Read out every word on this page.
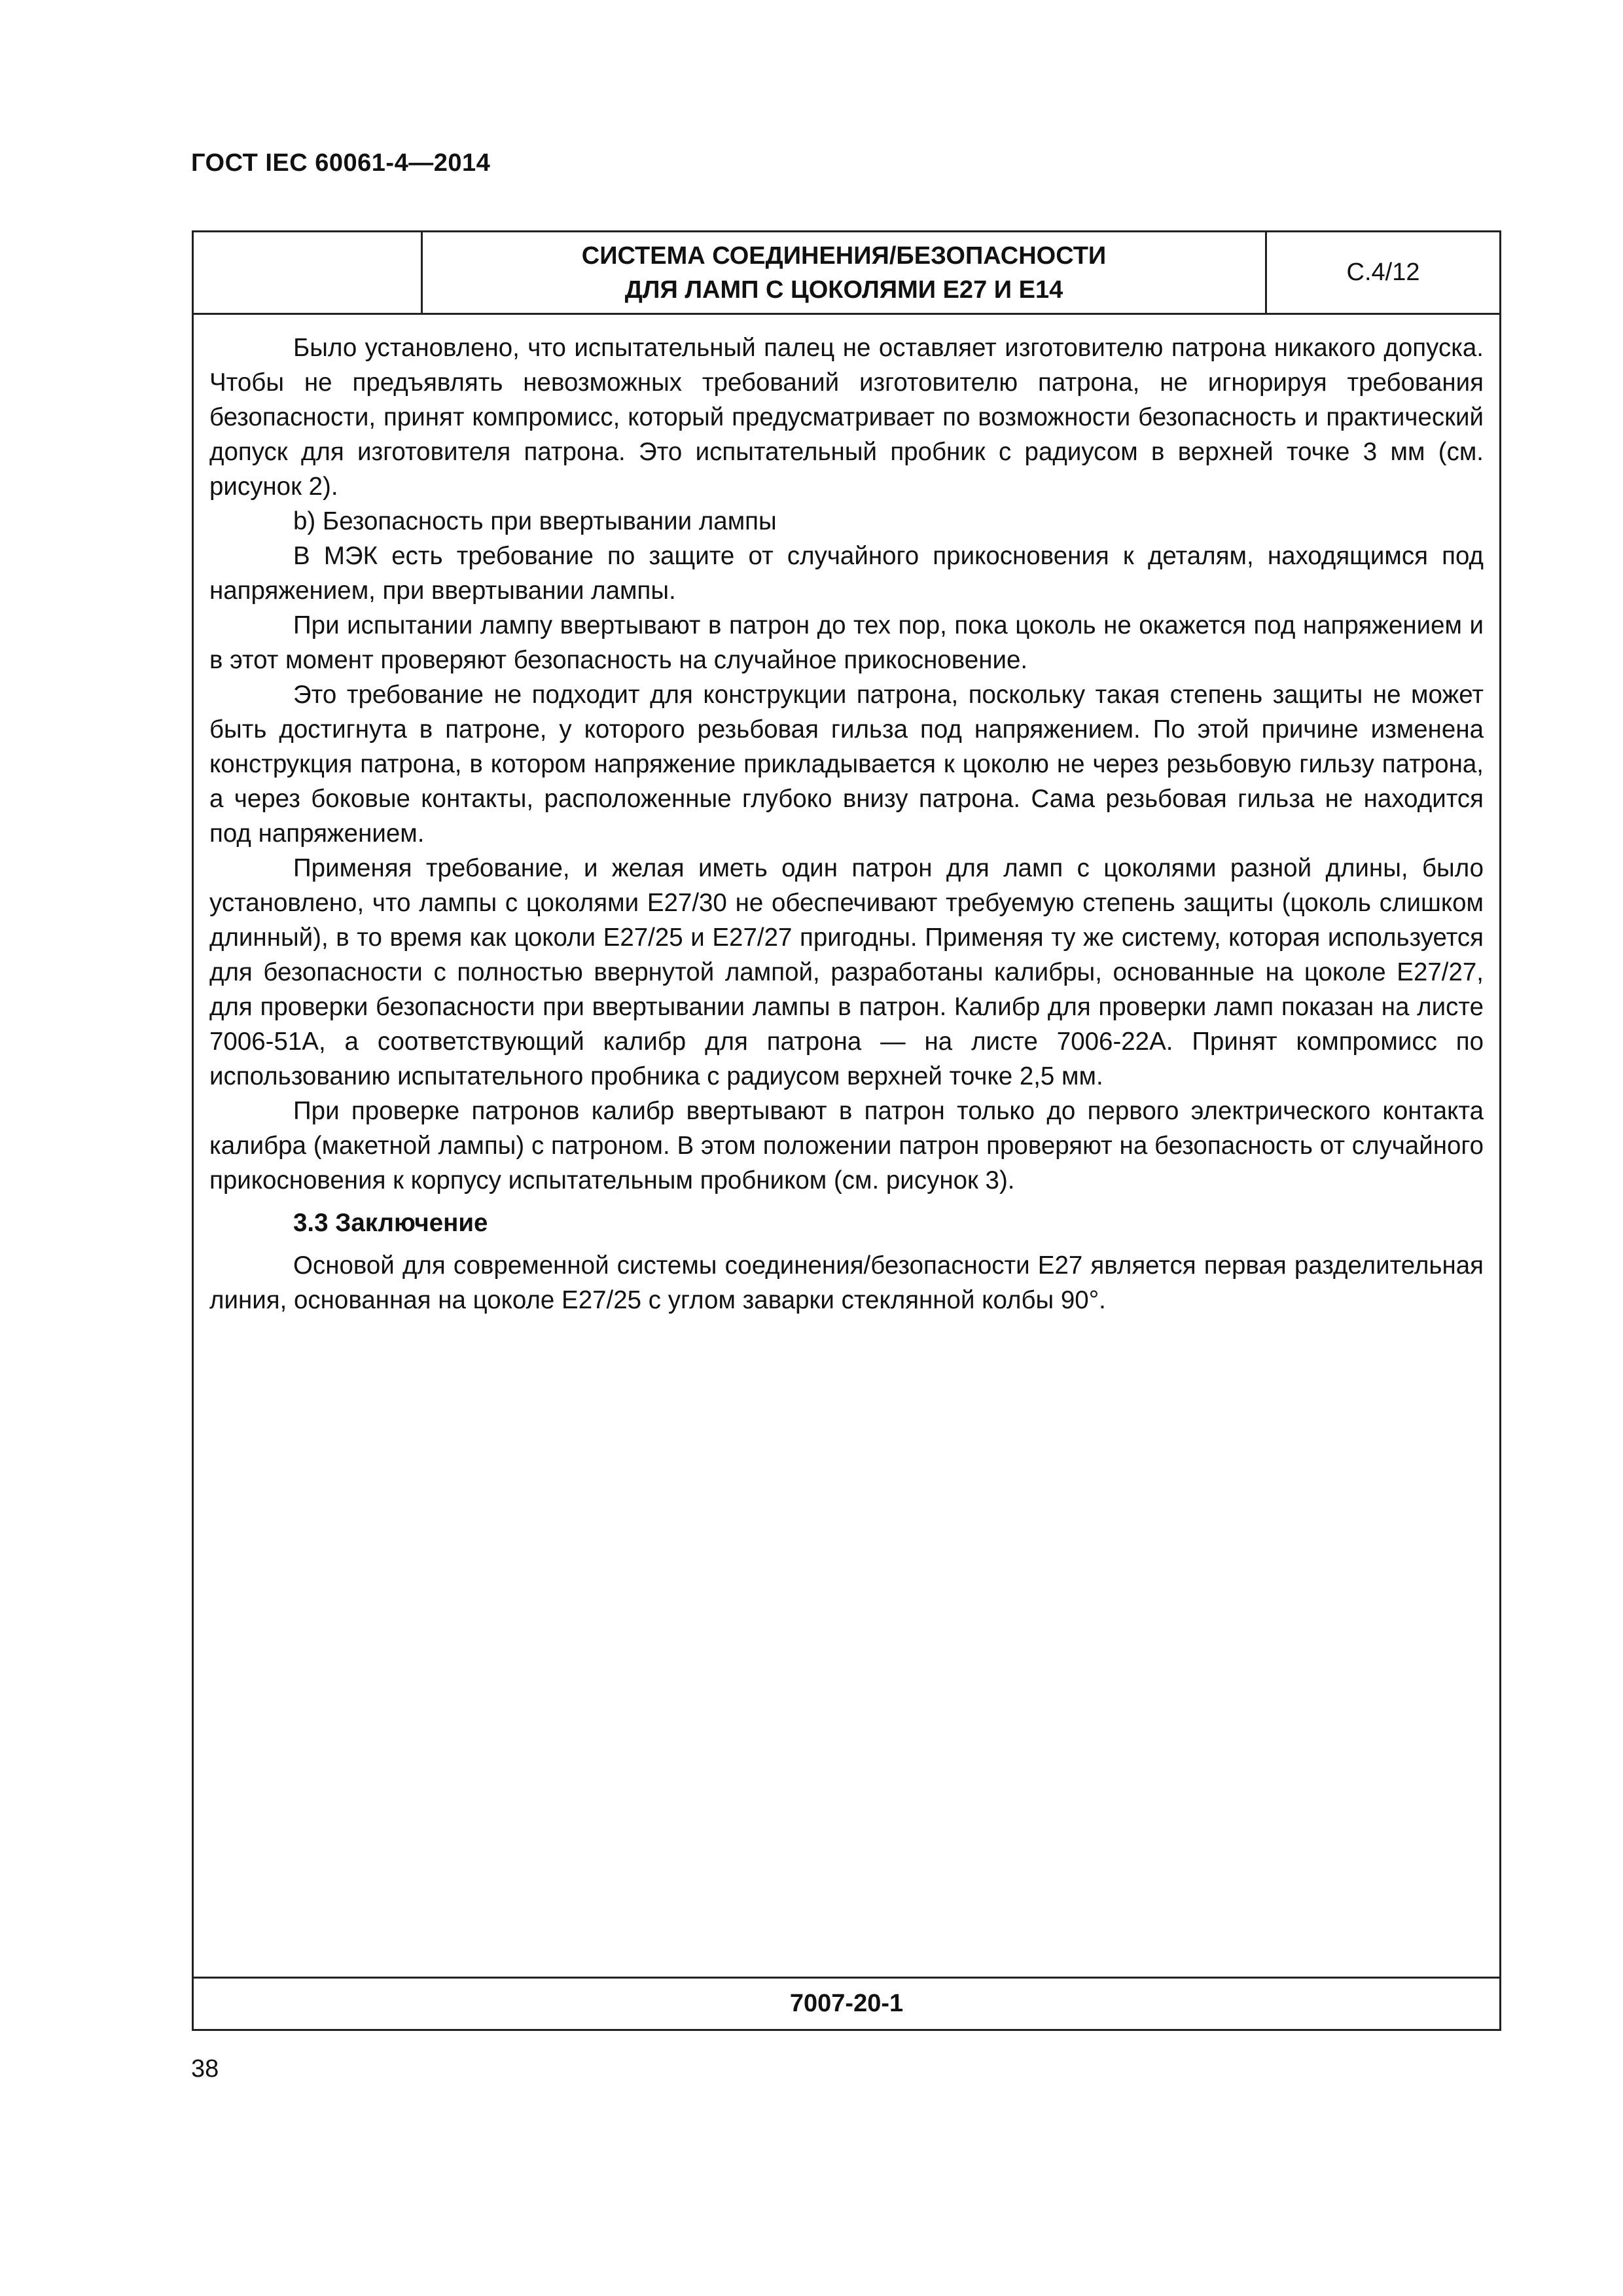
ГОСТ IEC 60061-4—2014
СИСТЕМА СОЕДИНЕНИЯ/БЕЗОПАСНОСТИ
ДЛЯ ЛАМП С ЦОКОЛЯМИ Е27 И Е14
С.4/12

Было установлено, что испытательный палец не оставляет изготовителю патрона никакого допуска. Чтобы не предъявлять невозможных требований изготовителю патрона, не игнорируя требования безопасности, принят компромисс, который предусматривает по возможности безопасность и практический допуск для изготовителя патрона. Это испытательный пробник с радиусом в верхней точке 3 мм (см. рисунок 2).

b) Безопасность при ввертывании лампы

В МЭК есть требование по защите от случайного прикосновения к деталям, находящимся под напряжением, при ввертывании лампы.

При испытании лампу ввертывают в патрон до тех пор, пока цоколь не окажется под напряжением и в этот момент проверяют безопасность на случайное прикосновение.

Это требование не подходит для конструкции патрона, поскольку такая степень защиты не может быть достигнута в патроне, у которого резьбовая гильза под напряжением. По этой причине изменена конструкция патрона, в котором напряжение прикладывается к цоколю не через резьбовую гильзу патрона, а через боковые контакты, расположенные глубоко внизу патрона. Сама резьбовая гильза не находится под напряжением.

Применяя требование, и желая иметь один патрон для ламп с цоколями разной длины, было установлено, что лампы с цоколями Е27/30 не обеспечивают требуемую степень защиты (цоколь слишком длинный), в то время как цоколи Е27/25 и Е27/27 пригодны. Применяя ту же систему, которая используется для безопасности с полностью ввернутой лампой, разработаны калибры, основанные на цоколе Е27/27, для проверки безопасности при ввертывании лампы в патрон. Калибр для проверки ламп показан на листе 7006-51А, а соответствующий калибр для патрона — на листе 7006-22А. Принят компромисс по использованию испытательного пробника с радиусом верхней точке 2,5 мм.

При проверке патронов калибр ввертывают в патрон только до первого электрического контакта калибра (макетной лампы) с патроном. В этом положении патрон проверяют на безопасность от случайного прикосновения к корпусу испытательным пробником (см. рисунок 3).

3.3 Заключение

Основой для современной системы соединения/безопасности Е27 является первая разделительная линия, основанная на цоколе Е27/25 с углом заварки стеклянной колбы 90°.

7007-20-1
38
